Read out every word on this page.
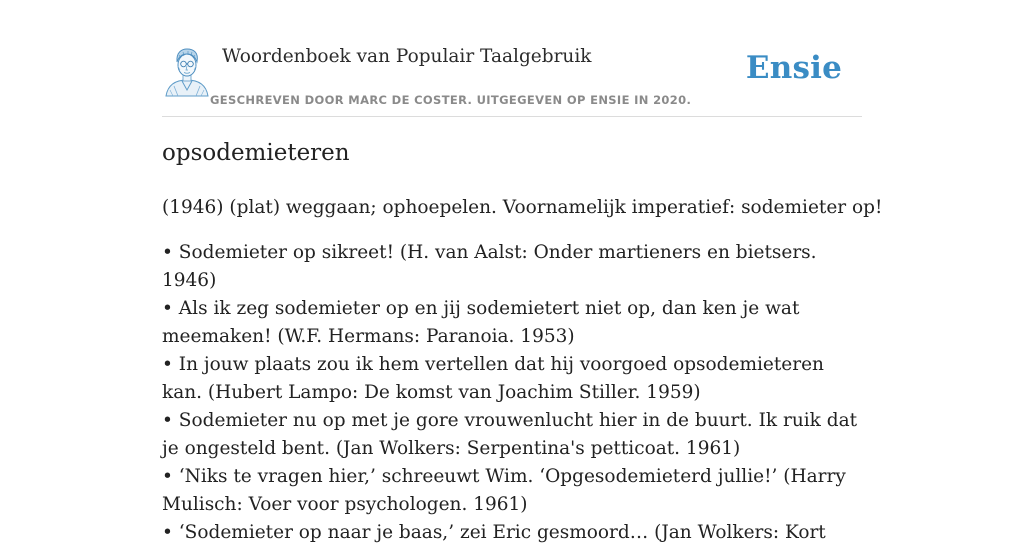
Woordenboek van Populair Taalgebruik
GESCHREVEN DOOR MARC DE COSTER. UITGEGEVEN OP ENSIE IN 2020.
Ensie
opsodemieteren

(1946) (plat) weggaan; ophoepelen. Voornamelijk imperatief: sodemieter op!

• Sodemieter op sikreet! (H. van Aalst: Onder martieners en bietsers. 1946)
• Als ik zeg sodemieter op en jij sodemietert niet op, dan ken je wat meemaken! (W.F. Hermans: Paranoia. 1953)
• In jouw plaats zou ik hem vertellen dat hij voorgoed opsodemieteren kan. (Hubert Lampo: De komst van Joachim Stiller. 1959)
• Sodemieter nu op met je gore vrouwenlucht hier in de buurt. Ik ruik dat je ongesteld bent. (Jan Wolkers: Serpentina's petticoat. 1961)
• ‘Niks te vragen hier,’ schreeuwt Wim. ‘Opgesodemieterd jullie!’ (Harry Mulisch: Voer voor psychologen. 1961)
• ‘Sodemieter op naar je baas,’ zei Eric gesmoord… (Jan Wolkers: Kort
